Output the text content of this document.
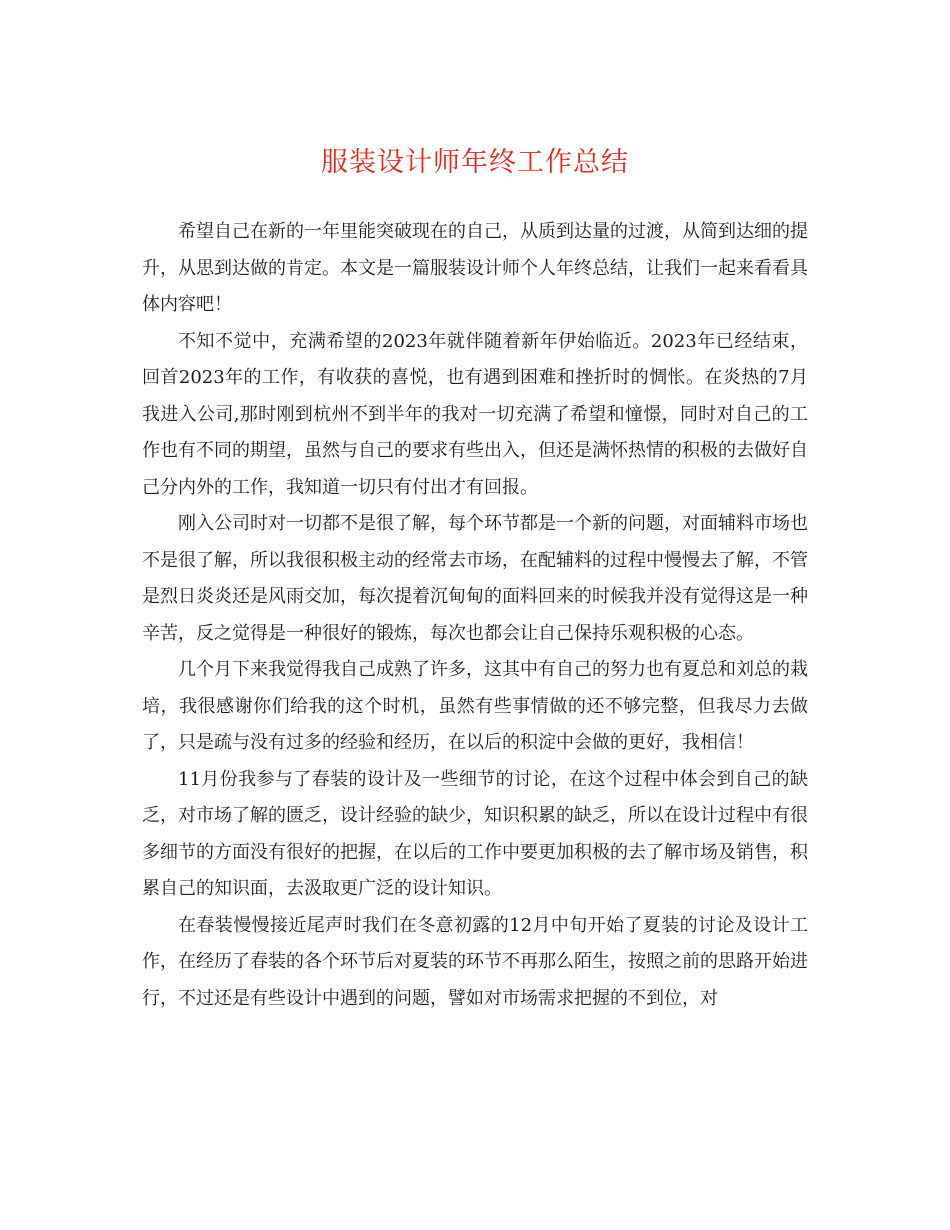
服装设计师年终工作总结

希望自己在新的一年里能突破现在的自己，从质到达量的过渡，从简到达细的提升，从思到达做的肯定。本文是一篇服装设计师个人年终总结，让我们一起来看看具体内容吧！

不知不觉中，充满希望的2023年就伴随着新年伊始临近。2023年已经结束，回首2023年的工作，有收获的喜悦，也有遇到困难和挫折时的惆怅。在炎热的7月我进入公司,那时刚到杭州不到半年的我对一切充满了希望和憧憬，同时对自己的工作也有不同的期望，虽然与自己的要求有些出入，但还是满怀热情的积极的去做好自己分内外的工作，我知道一切只有付出才有回报。

刚入公司时对一切都不是很了解，每个环节都是一个新的问题，对面辅料市场也不是很了解，所以我很积极主动的经常去市场，在配辅料的过程中慢慢去了解，不管是烈日炎炎还是风雨交加，每次提着沉甸甸的面料回来的时候我并没有觉得这是一种辛苦，反之觉得是一种很好的锻炼，每次也都会让自己保持乐观积极的心态。

几个月下来我觉得我自己成熟了许多，这其中有自己的努力也有夏总和刘总的栽培，我很感谢你们给我的这个时机，虽然有些事情做的还不够完整，但我尽力去做了，只是疏与没有过多的经验和经历，在以后的积淀中会做的更好，我相信！

11月份我参与了春装的设计及一些细节的讨论，在这个过程中体会到自己的缺乏，对市场了解的匮乏，设计经验的缺少，知识积累的缺乏，所以在设计过程中有很多细节的方面没有很好的把握，在以后的工作中要更加积极的去了解市场及销售，积累自己的知识面，去汲取更广泛的设计知识。

在春装慢慢接近尾声时我们在冬意初露的12月中旬开始了夏装的讨论及设计工作，在经历了春装的各个环节后对夏装的环节不再那么陌生，按照之前的思路开始进行，不过还是有些设计中遇到的问题，譬如对市场需求把握的不到位，对
